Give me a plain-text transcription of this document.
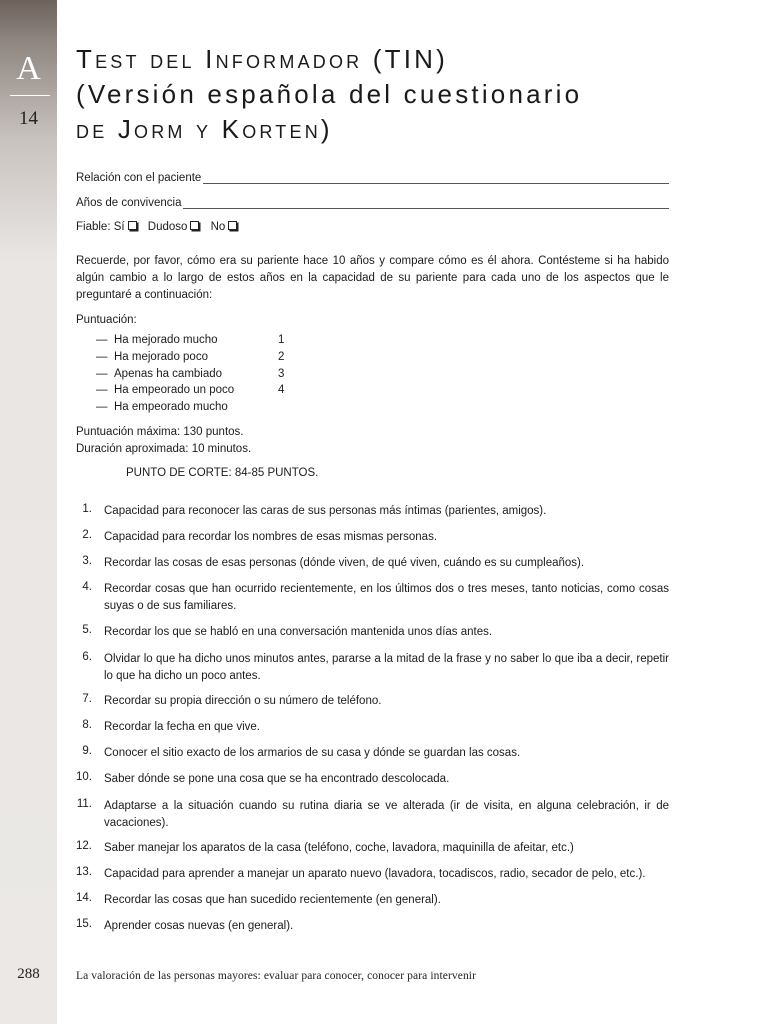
A
14
288
Test del Informador (TIN)
(Versión española del cuestionario
de Jorm y Korten)
Relación con el paciente
Años de convivencia
Fiable: Sí Dudoso No
Recuerde, por favor, cómo era su pariente hace 10 años y compare cómo es él ahora. Contésteme si ha habido algún cambio a lo largo de estos años en la capacidad de su pariente para cada uno de los aspectos que le preguntaré a continuación:
Puntuación:
— Ha mejorado mucho	1
— Ha mejorado poco	2
— Apenas ha cambiado	3
— Ha empeorado un poco	4
— Ha empeorado mucho
Puntuación máxima: 130 puntos.
Duración aproximada: 10 minutos.
PUNTO DE CORTE: 84-85 PUNTOS.
1. Capacidad para reconocer las caras de sus personas más íntimas (parientes, amigos).
2. Capacidad para recordar los nombres de esas mismas personas.
3. Recordar las cosas de esas personas (dónde viven, de qué viven, cuándo es su cumpleaños).
4. Recordar cosas que han ocurrido recientemente, en los últimos dos o tres meses, tanto noticias, como cosas suyas o de sus familiares.
5. Recordar los que se habló en una conversación mantenida unos días antes.
6. Olvidar lo que ha dicho unos minutos antes, pararse a la mitad de la frase y no saber lo que iba a decir, repetir lo que ha dicho un poco antes.
7. Recordar su propia dirección o su número de teléfono.
8. Recordar la fecha en que vive.
9. Conocer el sitio exacto de los armarios de su casa y dónde se guardan las cosas.
10. Saber dónde se pone una cosa que se ha encontrado descolocada.
11. Adaptarse a la situación cuando su rutina diaria se ve alterada (ir de visita, en alguna celebración, ir de vacaciones).
12. Saber manejar los aparatos de la casa (teléfono, coche, lavadora, maquinilla de afeitar, etc.)
13. Capacidad para aprender a manejar un aparato nuevo (lavadora, tocadiscos, radio, secador de pelo, etc.).
14. Recordar las cosas que han sucedido recientemente (en general).
15. Aprender cosas nuevas (en general).
La valoración de las personas mayores: evaluar para conocer, conocer para intervenir
